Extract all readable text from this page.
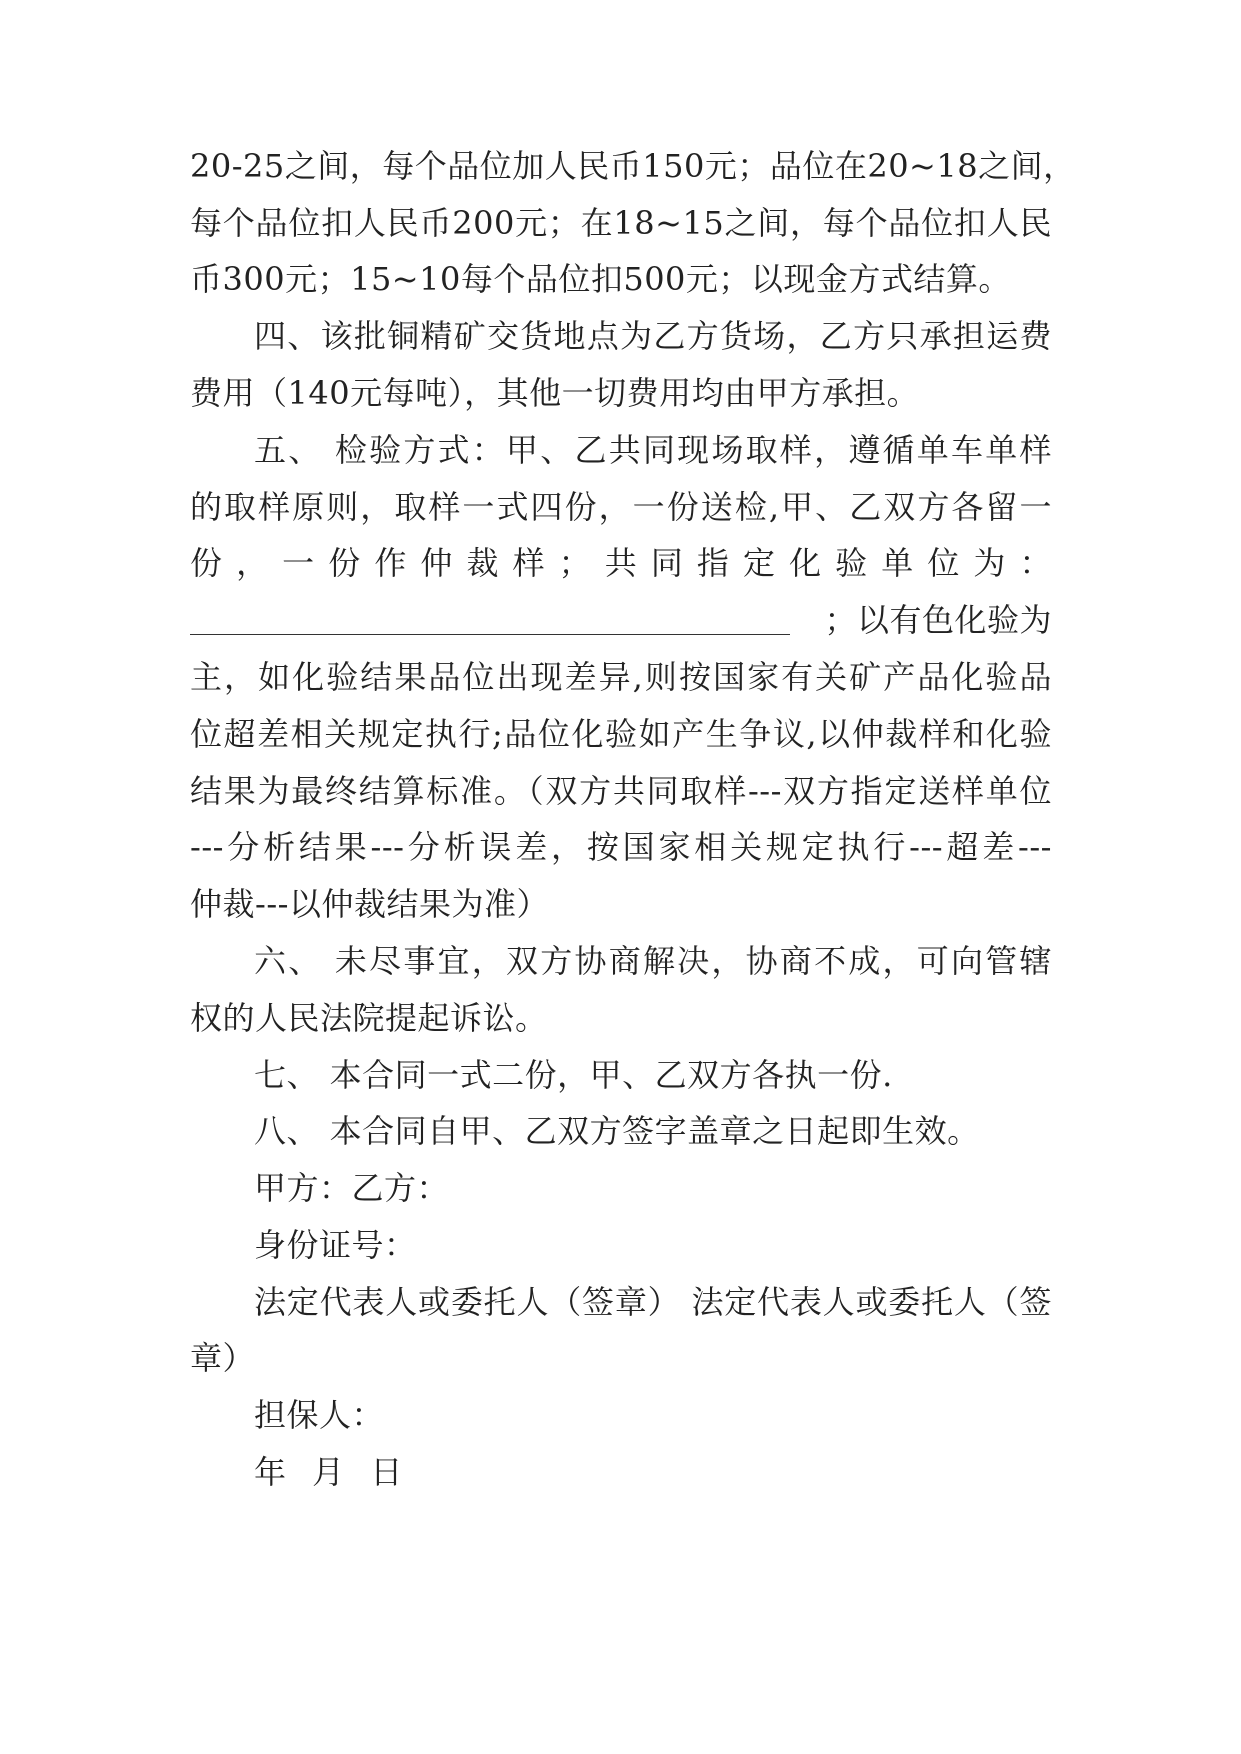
20-25之间，每个品位加人民币150元；品位在20~18之间，

每个品位扣人民币200元；在18~15之间，每个品位扣人民

币300元；15~10每个品位扣500元；以现金方式结算。

四、该批铜精矿交货地点为乙方货场，乙方只承担运费

费用（140元每吨），其他一切费用均由甲方承担。

五、 检验方式：甲、乙共同现场取样，遵循单车单样

的取样原则，取样一式四份，一份送检,甲、乙双方各留一

份，一份作仲裁样；共同指定化验单位为：

；以有色化验为

主，如化验结果品位出现差异,则按国家有关矿产品化验品

位超差相关规定执行;品位化验如产生争议,以仲裁样和化验

结果为最终结算标准。（双方共同取样---双方指定送样单位

---分析结果---分析误差，按国家相关规定执行---超差---

仲裁---以仲裁结果为准）

六、 未尽事宜，双方协商解决，协商不成，可向管辖

权的人民法院提起诉讼。

七、 本合同一式二份，甲、乙双方各执一份.

八、 本合同自甲、乙双方签字盖章之日起即生效。

甲方：乙方：

身份证号：

法定代表人或委托人（签章） 法定代表人或委托人（签

章）

担保人：

年 月 日
